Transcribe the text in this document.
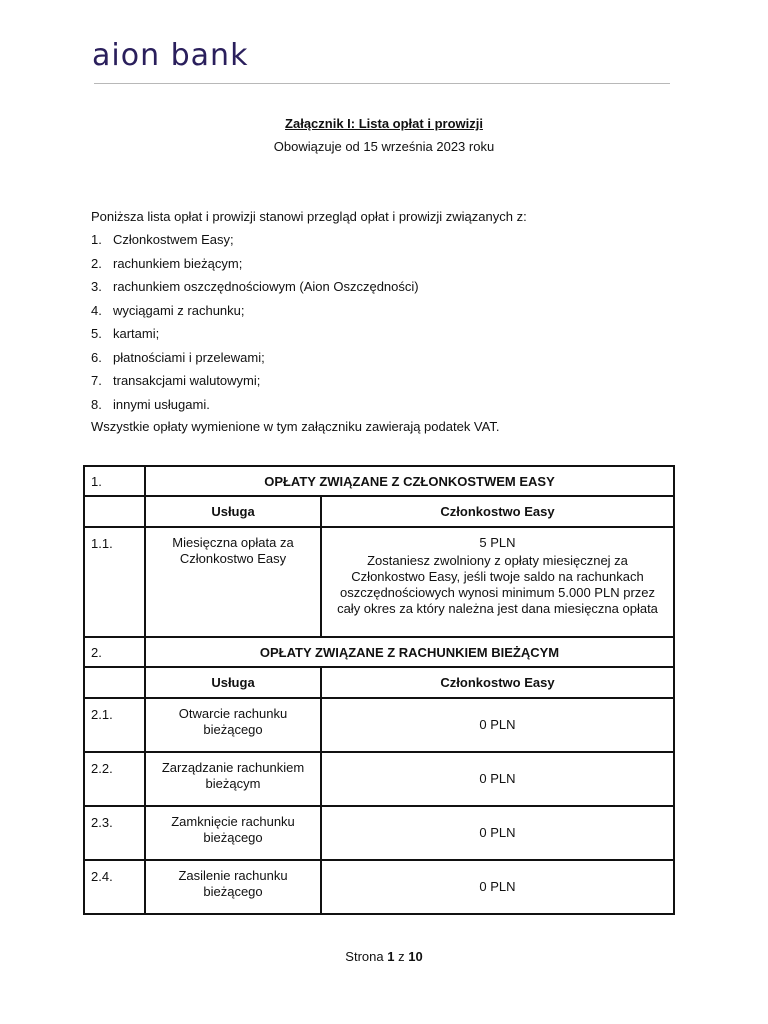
aion bank
Załącznik I: Lista opłat i prowizji
Obowiązuje od 15 września 2023 roku
Poniższa lista opłat i prowizji stanowi przegląd opłat i prowizji związanych z:
1. Członkostwem Easy;
2. rachunkiem bieżącym;
3. rachunkiem oszczędnościowym (Aion Oszczędności)
4. wyciągami z rachunku;
5. kartami;
6. płatnościami i przelewami;
7. transakcjami walutowymi;
8. innymi usługami.
Wszystkie opłaty wymienione w tym załączniku zawierają podatek VAT.
1.	OPŁATY ZWIĄZANE Z CZŁONKOSTWEM EASY	
	Usługa	Członkostwo Easy
1.1.	Miesięczna opłata za Członkostwo Easy	5 PLN
Zostaniesz zwolniony z opłaty miesięcznej za Członkostwo Easy, jeśli twoje saldo na rachunkach oszczędnościowych wynosi minimum 5.000 PLN przez cały okres za który należna jest dana miesięczna opłata

2.	OPŁATY ZWIĄZANE Z RACHUNKIEM BIEŻĄCYM	
	Usługa	Członkostwo Easy
2.1.	Otwarcie rachunku bieżącego	0 PLN
2.2.	Zarządzanie rachunkiem bieżącym	0 PLN
2.3.	Zamknięcie rachunku bieżącego	0 PLN
2.4.	Zasilenie rachunku bieżącego	0 PLN
Strona 1 z 10
